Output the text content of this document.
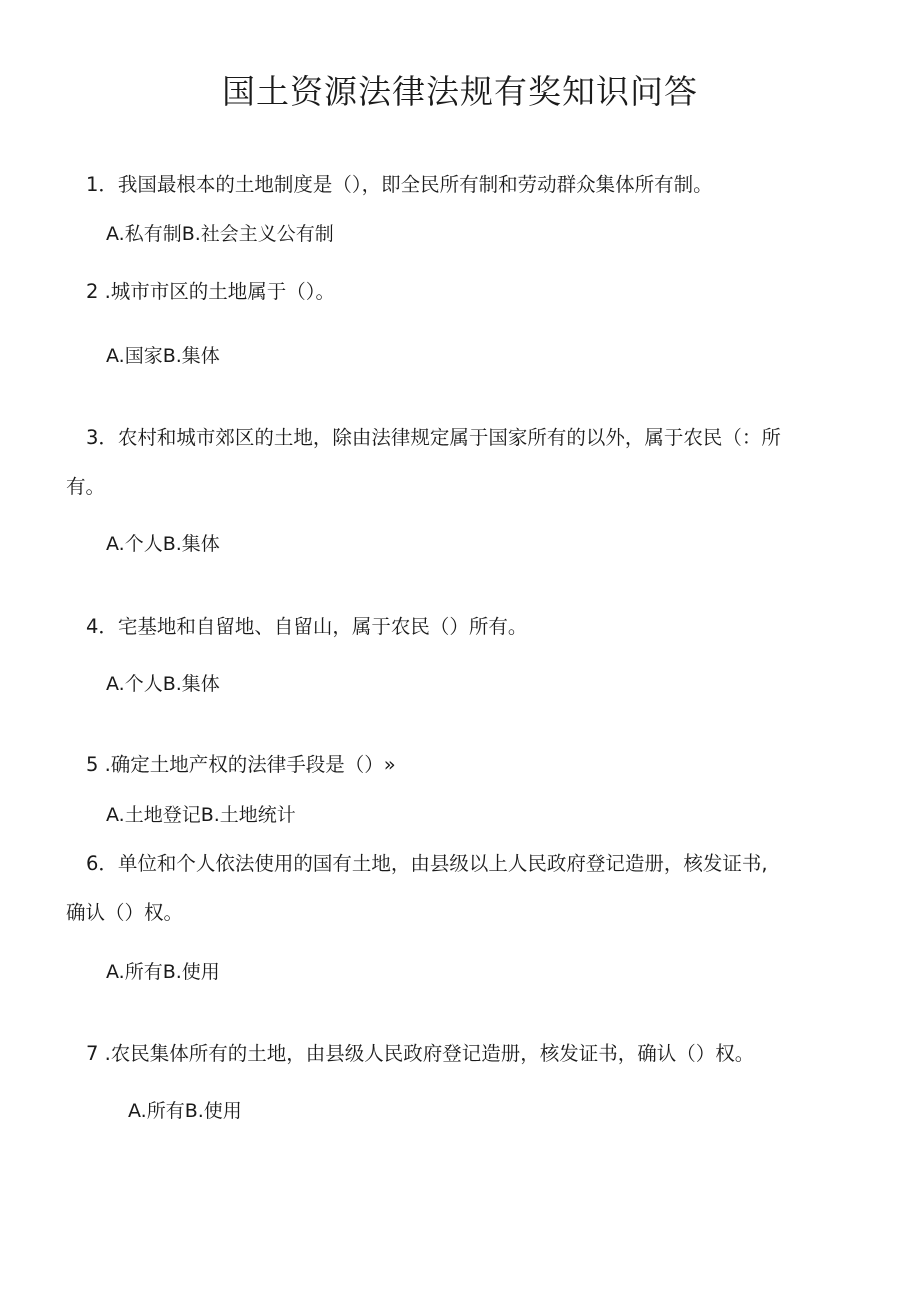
国土资源法律法规有奖知识问答
1．我国最根本的土地制度是（），即全民所有制和劳动群众集体所有制。
A.私有制B.社会主义公有制
2 .城市市区的土地属于（）。
A.国家B.集体
3．农村和城市郊区的土地，除由法律规定属于国家所有的以外，属于农民（：所
有。
A.个人B.集体
4．宅基地和自留地、自留山，属于农民（）所有。
A.个人B.集体
5 .确定土地产权的法律手段是（）»
A.土地登记B.土地统计
6．单位和个人依法使用的国有土地，由县级以上人民政府登记造册，核发证书,
确认（）权。
A.所有B.使用
7 .农民集体所有的土地，由县级人民政府登记造册，核发证书，确认（）权。
A.所有B.使用
